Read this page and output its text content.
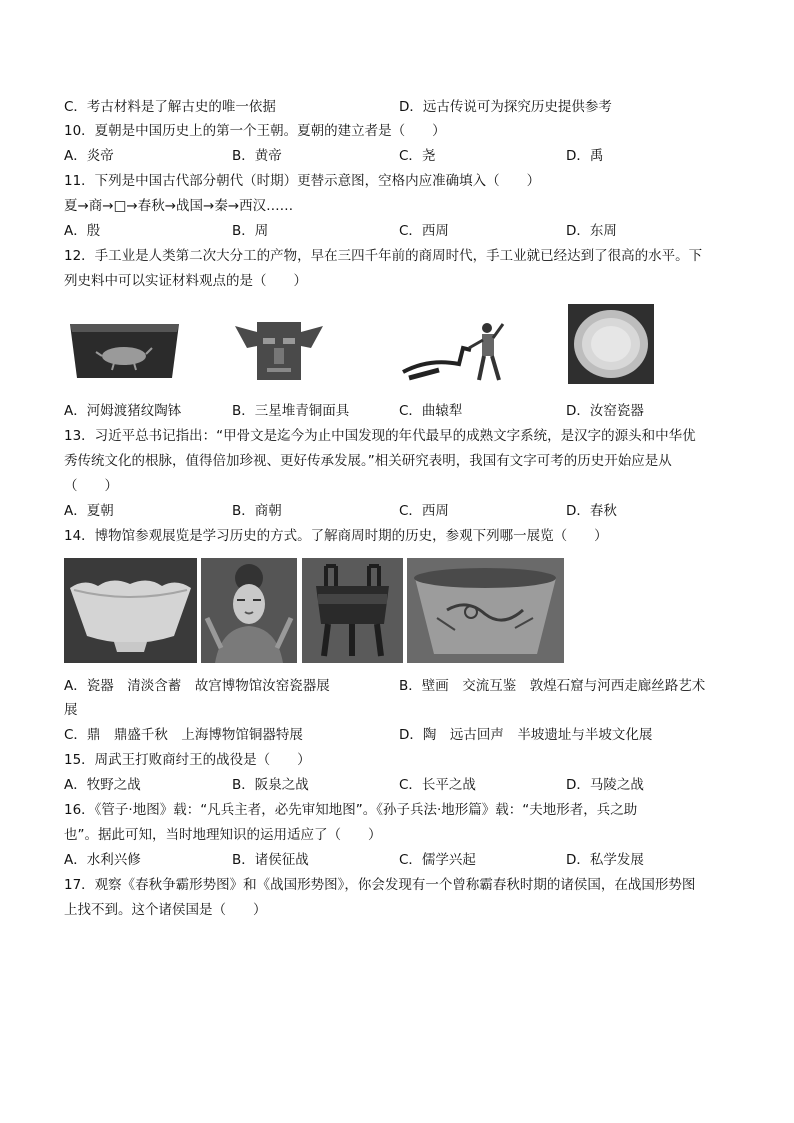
C．考古材料是了解古史的唯一依据	D．远古传说可为探究历史提供参考
10．夏朝是中国历史上的第一个王朝。夏朝的建立者是（　　）
A．炎帝	B．黄帝	C．尧	D．禹
11．下列是中国古代部分朝代（时期）更替示意图，空格内应准确填入（　　）
夏→商→□→春秋→战国→秦→西汉……
A．殷	B．周	C．西周	D．东周
12．手工业是人类第二次大分工的产物，早在三四千年前的商周时代，手工业就已经达到了很高的水平。下
列史料中可以实证材料观点的是（　　）
A．河姆渡猪纹陶钵	B．三星堆青铜面具	C．曲辕犁	D．汝窑瓷器
13．习近平总书记指出：“甲骨文是迄今为止中国发现的年代最早的成熟文字系统，是汉字的源头和中华优
秀传统文化的根脉，值得倍加珍视、更好传承发展。”相关研究表明，我国有文字可考的历史开始应是从
（　　）
A．夏朝	B．商朝	C．西周	D．春秋
14．博物馆参观展览是学习历史的方式。了解商周时期的历史，参观下列哪一展览（　　）
A．瓷器　清淡含蓄　故宫博物馆汝窑瓷器展	B．壁画　交流互鉴　敦煌石窟与河西走廊丝路艺术
展
C．鼎　鼎盛千秋　上海博物馆铜器特展	D．陶　远古回声　半坡遗址与半坡文化展
15．周武王打败商纣王的战役是（　　）
A．牧野之战	B．阪泉之战	C．长平之战	D．马陵之战
16．《管子·地图》载：“凡兵主者，必先审知地图”。《孙子兵法·地形篇》载：“夫地形者，兵之助
也”。据此可知，当时地理知识的运用适应了（　　）
A．水利兴修	B．诸侯征战	C．儒学兴起	D．私学发展
17．观察《春秋争霸形势图》和《战国形势图》，你会发现有一个曾称霸春秋时期的诸侯国，在战国形势图
上找不到。这个诸侯国是（　　）
